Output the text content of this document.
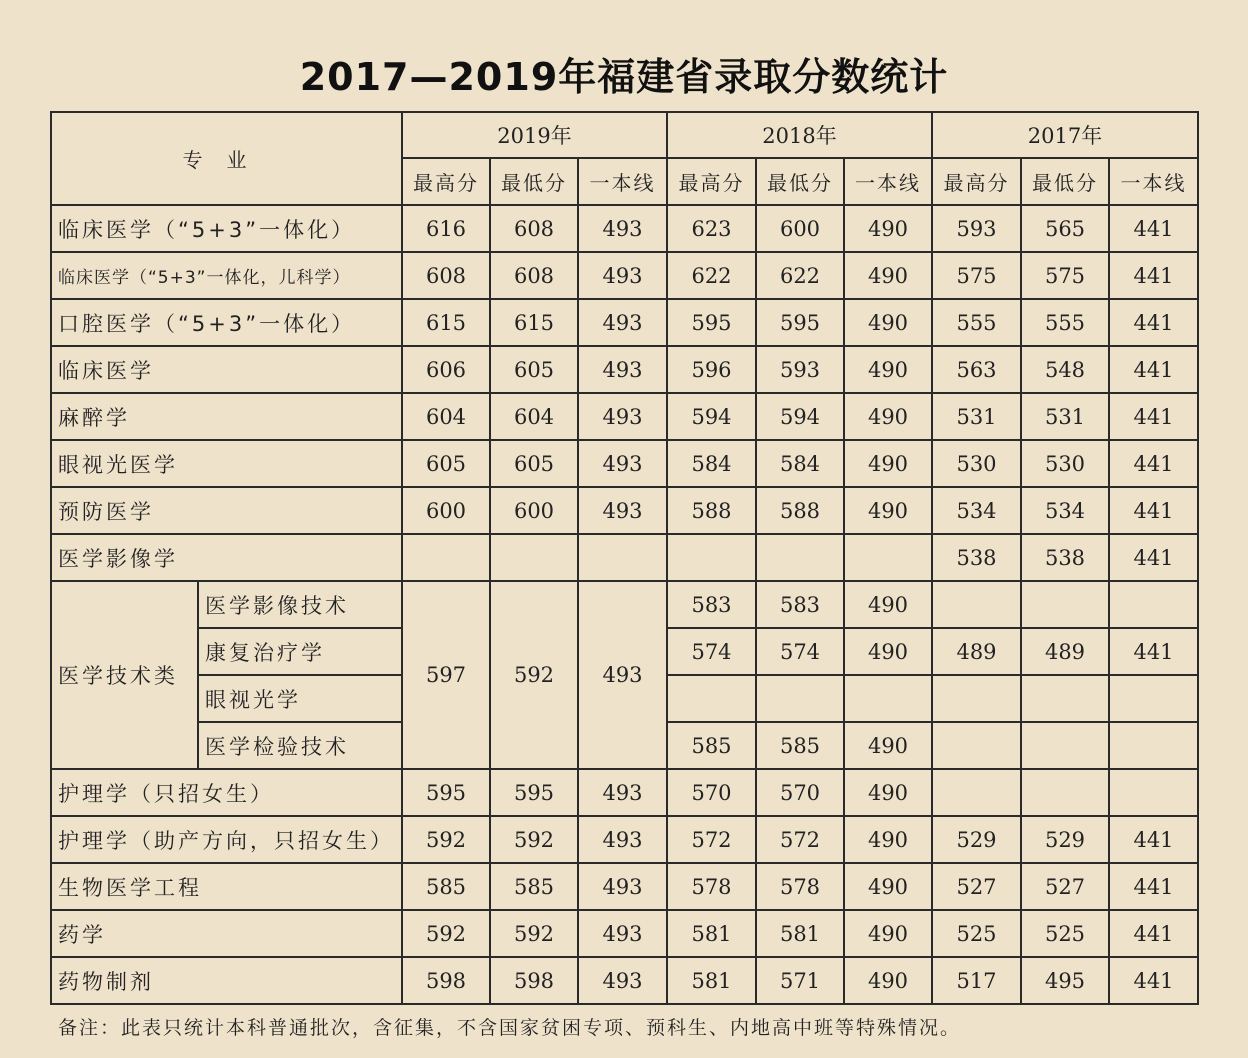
2017—2019年福建省录取分数统计
专业		2019年			2018年			2017年		
		最高分	最低分	一本线	最高分	最低分	一本线	最高分	最低分	一本线
临床医学（“5+3”一体化）		616	608	493	623	600	490	593	565	441
临床医学（“5+3”一体化，儿科学）		608	608	493	622	622	490	575	575	441
口腔医学（“5+3”一体化）		615	615	493	595	595	490	555	555	441
临床医学		606	605	493	596	593	490	563	548	441
麻醉学		604	604	493	594	594	490	531	531	441
眼视光医学		605	605	493	584	584	490	530	530	441
预防医学		600	600	493	588	588	490	534	534	441
医学影像学								538	538	441
医学技术类	医学影像技术	597	592	493	583	583	490			
	康复治疗学				574	574	490	489	489	441
	眼视光学									
	医学检验技术				585	585	490			
护理学（只招女生）		595	595	493	570	570	490			
护理学（助产方向，只招女生）		592	592	493	572	572	490	529	529	441
生物医学工程		585	585	493	578	578	490	527	527	441
药学		592	592	493	581	581	490	525	525	441
药物制剂		598	598	493	581	571	490	517	495	441
备注：此表只统计本科普通批次，含征集，不含国家贫困专项、预科生、内地高中班等特殊情况。
